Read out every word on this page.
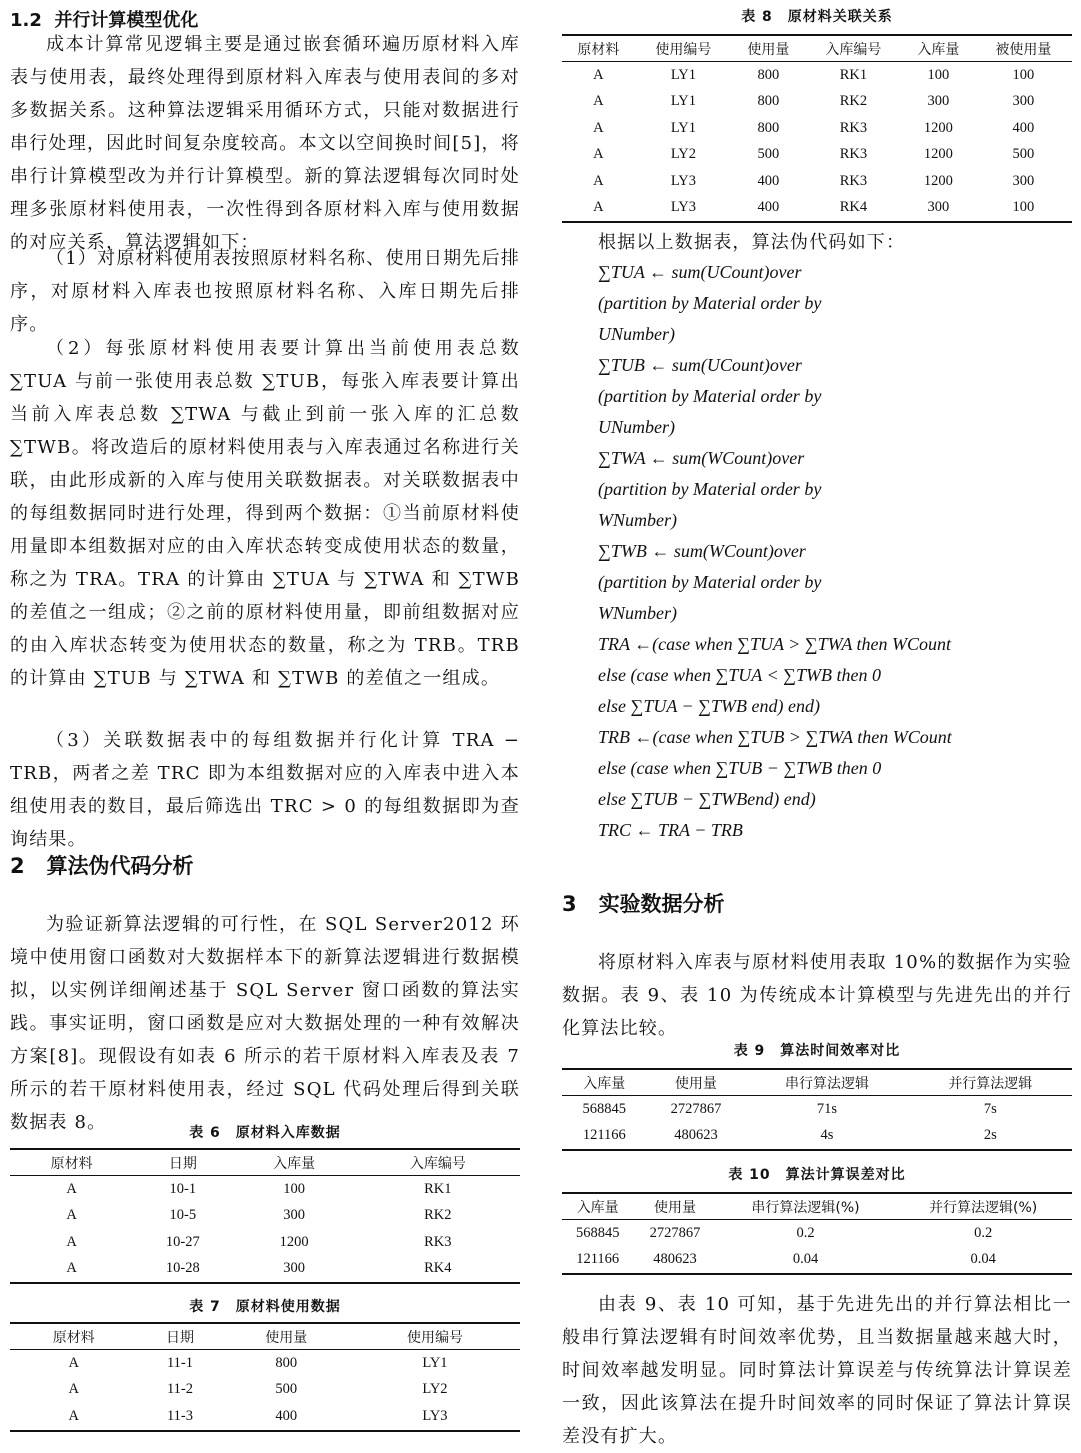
1.2 并行计算模型优化

成本计算常见逻辑主要是通过嵌套循环遍历原材料入库表与使用表，最终处理得到原材料入库表与使用表间的多对多数据关系。这种算法逻辑采用循环方式，只能对数据进行串行处理，因此时间复杂度较高。本文以空间换时间[5]，将串行计算模型改为并行计算模型。新的算法逻辑每次同时处理多张原材料使用表，一次性得到各原材料入库与使用数据的对应关系，算法逻辑如下：

（1）对原材料使用表按照原材料名称、使用日期先后排序，对原材料入库表也按照原材料名称、入库日期先后排序。

（2）每张原材料使用表要计算出当前使用表总数 ∑TUA 与前一张使用表总数 ∑TUB，每张入库表要计算出当前入库表总数 ∑TWA 与截止到前一张入库的汇总数 ∑TWB。将改造后的原材料使用表与入库表通过名称进行关联，由此形成新的入库与使用关联数据表。对关联数据表中的每组数据同时进行处理，得到两个数据：①当前原材料使用量即本组数据对应的由入库状态转变成使用状态的数量，称之为 TRA。TRA 的计算由 ∑TUA 与 ∑TWA 和 ∑TWB 的差值之一组成；②之前的原材料使用量，即前组数据对应的由入库状态转变为使用状态的数量，称之为 TRB。TRB 的计算由 ∑TUB 与 ∑TWA 和 ∑TWB 的差值之一组成。

（3）关联数据表中的每组数据并行化计算 TRA − TRB，两者之差 TRC 即为本组数据对应的入库表中进入本组使用表的数目，最后筛选出 TRC > 0 的每组数据即为查询结果。

2 算法伪代码分析

为验证新算法逻辑的可行性，在 SQL Server2012 环境中使用窗口函数对大数据样本下的新算法逻辑进行数据模拟，以实例详细阐述基于 SQL Server 窗口函数的算法实践。事实证明，窗口函数是应对大数据处理的一种有效解决方案[8]。现假设有如表 6 所示的若干原材料入库表及表 7 所示的若干原材料使用表，经过 SQL 代码处理后得到关联数据表 8。	表 6　原材料入库数据
原材料	日期	入库量	入库编号
A	10-1	100	RK1
A	10-5	300	RK2
A	10-27	1200	RK3
A	10-28	300	RK4
表 7　原材料使用数据
原材料	日期	使用量	使用编号
A	11-1	800	LY1
A	11-2	500	LY2
A	11-3	400	LY3
表 8　原材料关联关系
原材料	使用编号	使用量	入库编号	入库量	被使用量
A	LY1	800	RK1	100	100
A	LY1	800	RK2	300	300
A	LY1	800	RK3	1200	400
A	LY2	500	RK3	1200	500
A	LY3	400	RK3	1200	300
A	LY3	400	RK4	300	100

根据以上数据表，算法伪代码如下：

∑TUA ← sum(UCount)over
(partition by Material order by
UNumber)
∑TUB ← sum(UCount)over
(partition by Material order by
UNumber)
∑TWA ← sum(WCount)over
(partition by Material order by
WNumber)
∑TWB ← sum(WCount)over
(partition by Material order by
WNumber)
TRA ←(case when ∑TUA > ∑TWA then WCount
else (case when ∑TUA < ∑TWB then 0
else ∑TUA − ∑TWB end) end)
TRB ←(case when ∑TUB > ∑TWA then WCount
else (case when ∑TUB − ∑TWB then 0
else ∑TUB − ∑TWBend) end)
TRC ← TRA − TRB
3 实验数据分析

将原材料入库表与原材料使用表取 10%的数据作为实验数据。表 9、表 10 为传统成本计算模型与先进先出的并行化算法比较。

表 9　算法时间效率对比
入库量	使用量	串行算法逻辑	并行算法逻辑
568845	2727867	71s	7s
121166	480623	4s	2s
表 10　算法计算误差对比
入库量	使用量	串行算法逻辑(%)	并行算法逻辑(%)
568845	2727867	0.2	0.2
121166	480623	0.04	0.04

由表 9、表 10 可知，基于先进先出的并行算法相比一般串行算法逻辑有时间效率优势，且当数据量越来越大时，时间效率越发明显。同时算法计算误差与传统算法计算误差一致，因此该算法在提升时间效率的同时保证了算法计算误差没有扩大。
